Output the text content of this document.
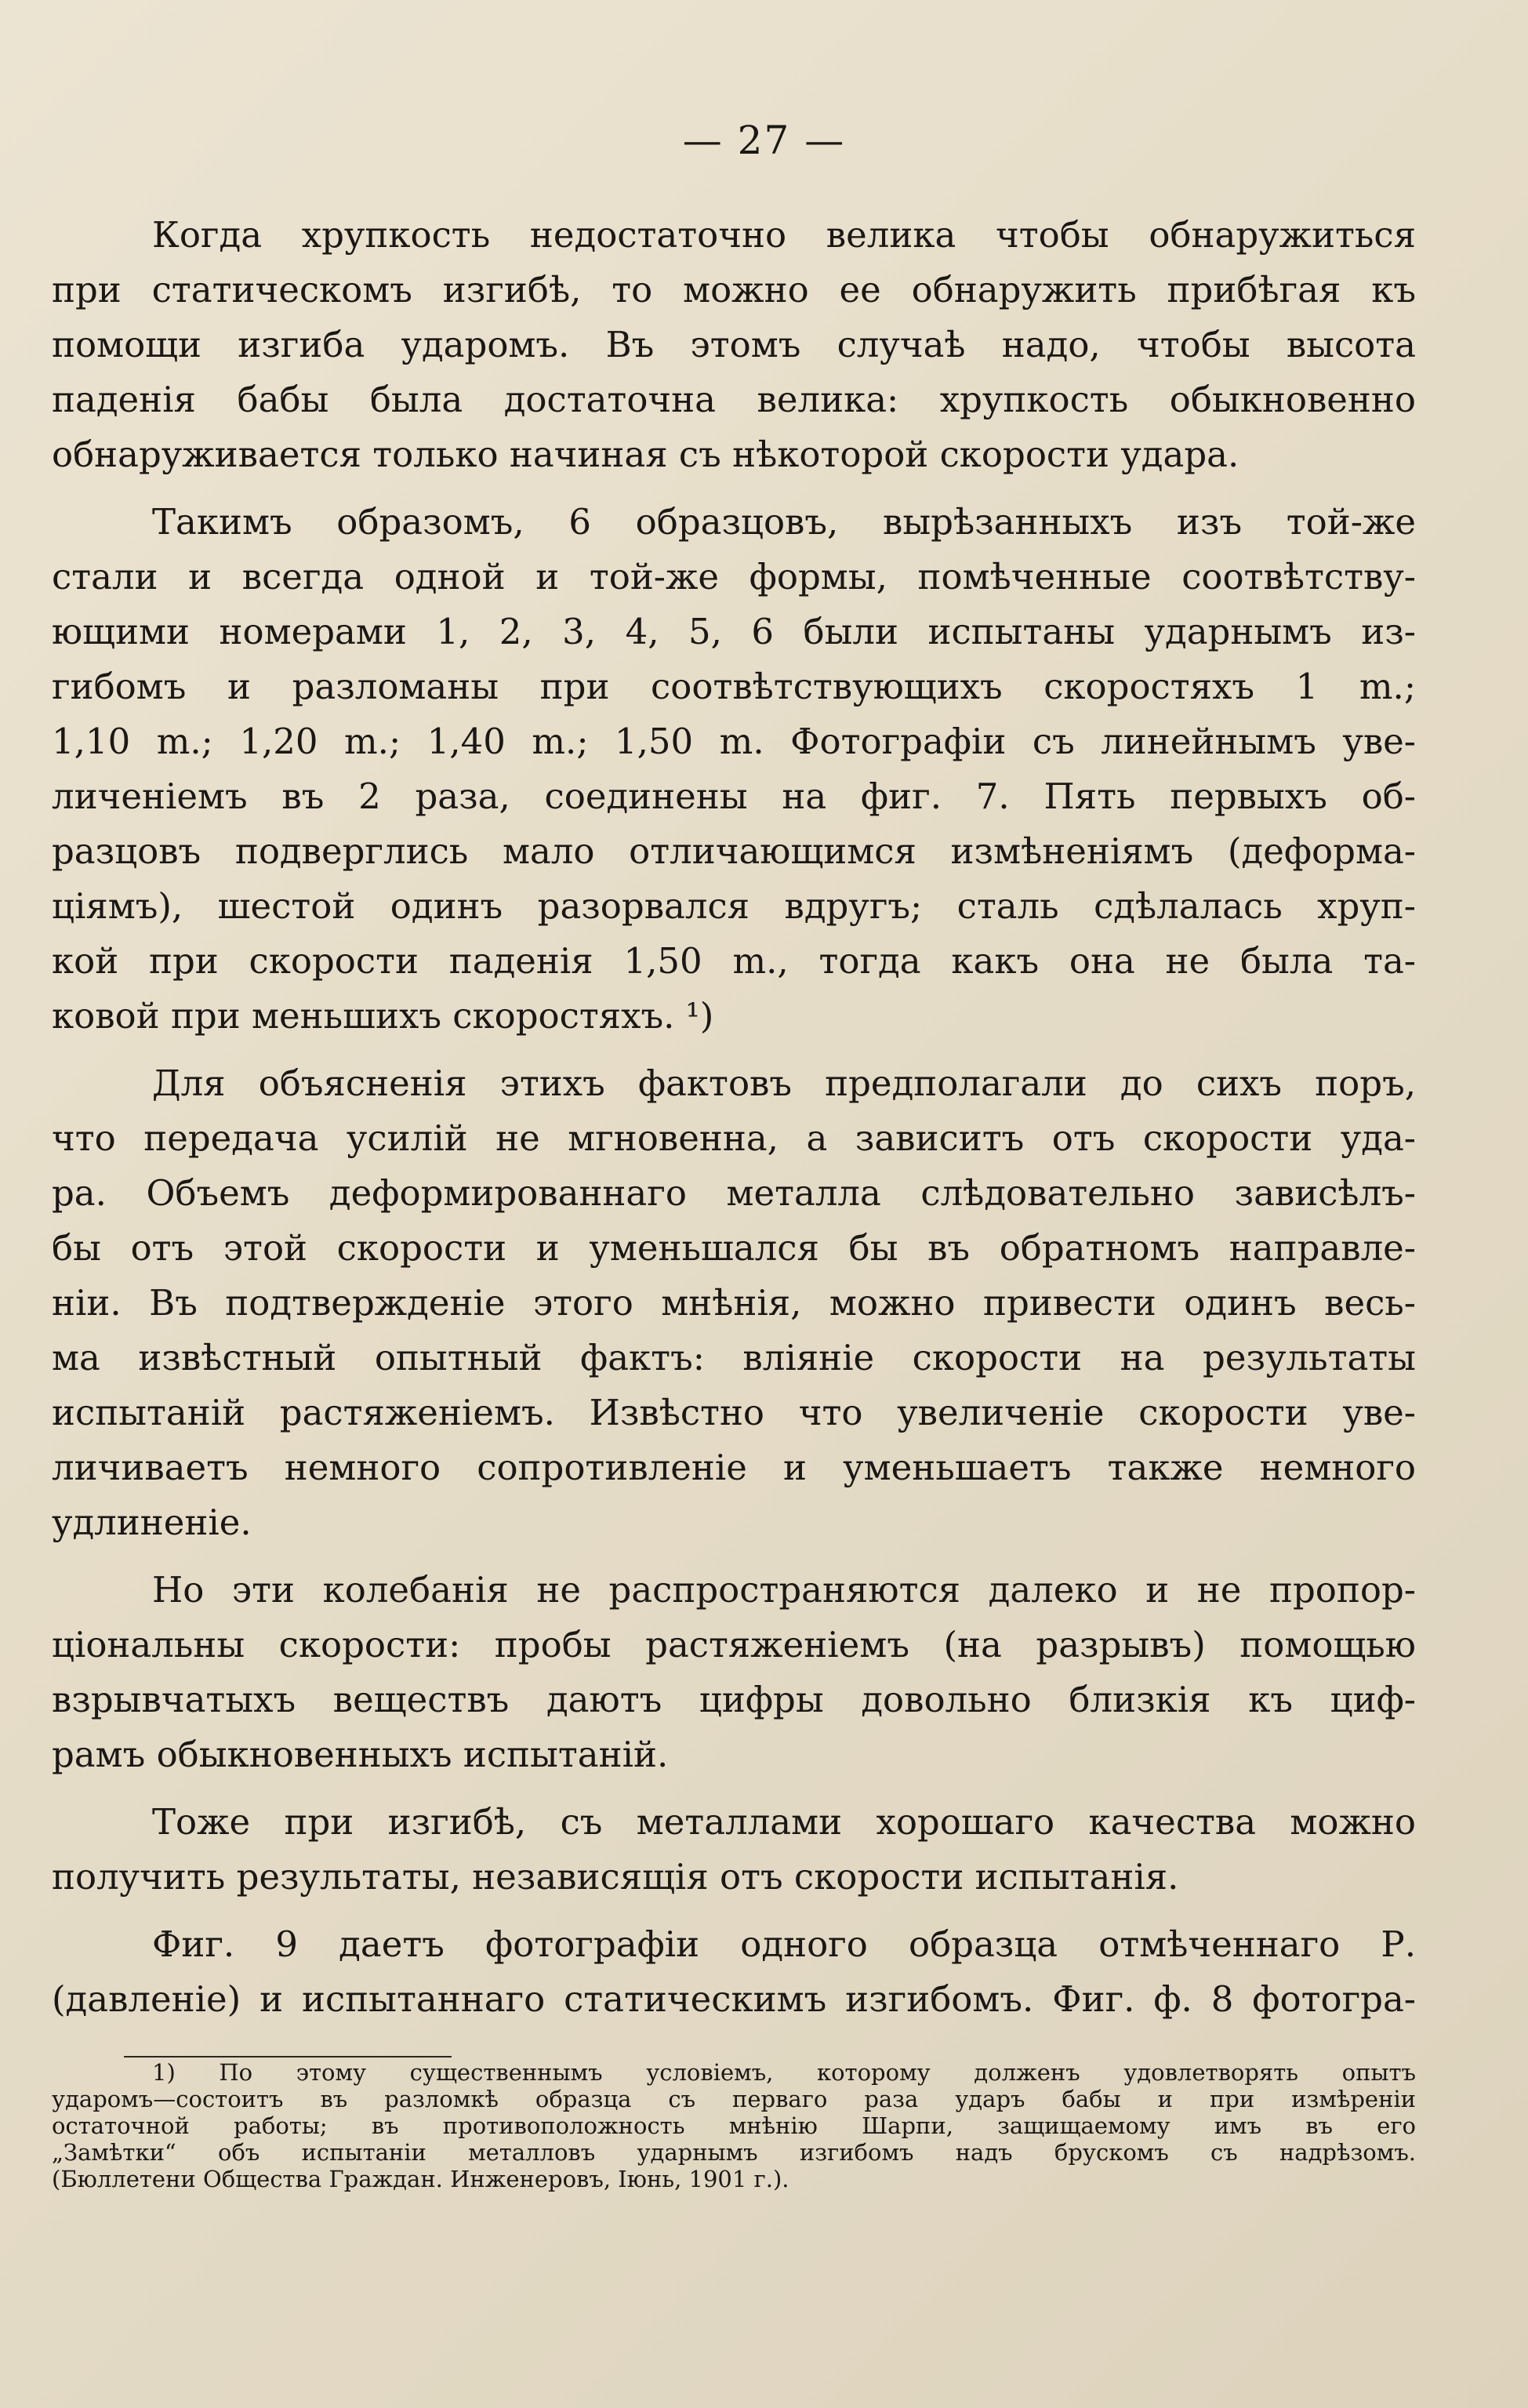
— 27 —
Когда хрупкость недостаточно велика чтобы обнаружиться
при статическомъ изгибѣ, то можно ее обнаружить прибѣгая къ
помощи изгиба ударомъ. Въ этомъ случаѣ надо, чтобы высота
паденія бабы была достаточна велика: хрупкость обыкновенно
обнаруживается только начиная съ нѣкоторой скорости удара.
Такимъ образомъ, 6 образцовъ, вырѣзанныхъ изъ той-же
стали и всегда одной и той-же формы, помѣченные соотвѣтству-
ющими номерами 1, 2, 3, 4, 5, 6 были испытаны ударнымъ из-
гибомъ и разломаны при соотвѣтствующихъ скоростяхъ 1 m.;
1,10 m.; 1,20 m.; 1,40 m.; 1,50 m. Фотографіи съ линейнымъ уве-
личеніемъ въ 2 раза, соединены на фиг. 7. Пять первыхъ об-
разцовъ подверглись мало отличающимся измѣненіямъ (деформа-
ціямъ), шестой одинъ разорвался вдругъ; сталь сдѣлалась хруп-
кой при скорости паденія 1,50 m., тогда какъ она не была та-
ковой при меньшихъ скоростяхъ. ¹)
Для объясненія этихъ фактовъ предполагали до сихъ поръ,
что передача усилій не мгновенна, а зависитъ отъ скорости уда-
ра. Объемъ деформированнаго металла слѣдовательно зависѣлъ-
бы отъ этой скорости и уменьшался бы въ обратномъ направле-
ніи. Въ подтвержденіе этого мнѣнія, можно привести одинъ весь-
ма извѣстный опытный фактъ: вліяніе скорости на результаты
испытаній растяженіемъ. Извѣстно что увеличеніе скорости уве-
личиваетъ немного сопротивленіе и уменьшаетъ также немного
удлиненіе.
Но эти колебанія не распространяются далеко и не пропор-
ціональны скорости: пробы растяженіемъ (на разрывъ) помощью
взрывчатыхъ веществъ даютъ цифры довольно близкія къ циф-
рамъ обыкновенныхъ испытаній.
Тоже при изгибѣ, съ металлами хорошаго качества можно
получить результаты, независящія отъ скорости испытанія.
Фиг. 9 даетъ фотографіи одного образца отмѣченнаго Р.
(давленіе) и испытаннаго статическимъ изгибомъ. Фиг. ф. 8 фотогра-
1) По этому существеннымъ условіемъ, которому долженъ удовлетворять опытъ
ударомъ—состоитъ въ разломкѣ образца съ перваго раза ударъ бабы и при измѣреніи
остаточной работы; въ противоположность мнѣнію Шарпи, защищаемому имъ въ его
„Замѣтки“ объ испытаніи металловъ ударнымъ изгибомъ надъ брускомъ съ надрѣзомъ.
(Бюллетени Общества Граждан. Инженеровъ, Іюнь, 1901 г.).
